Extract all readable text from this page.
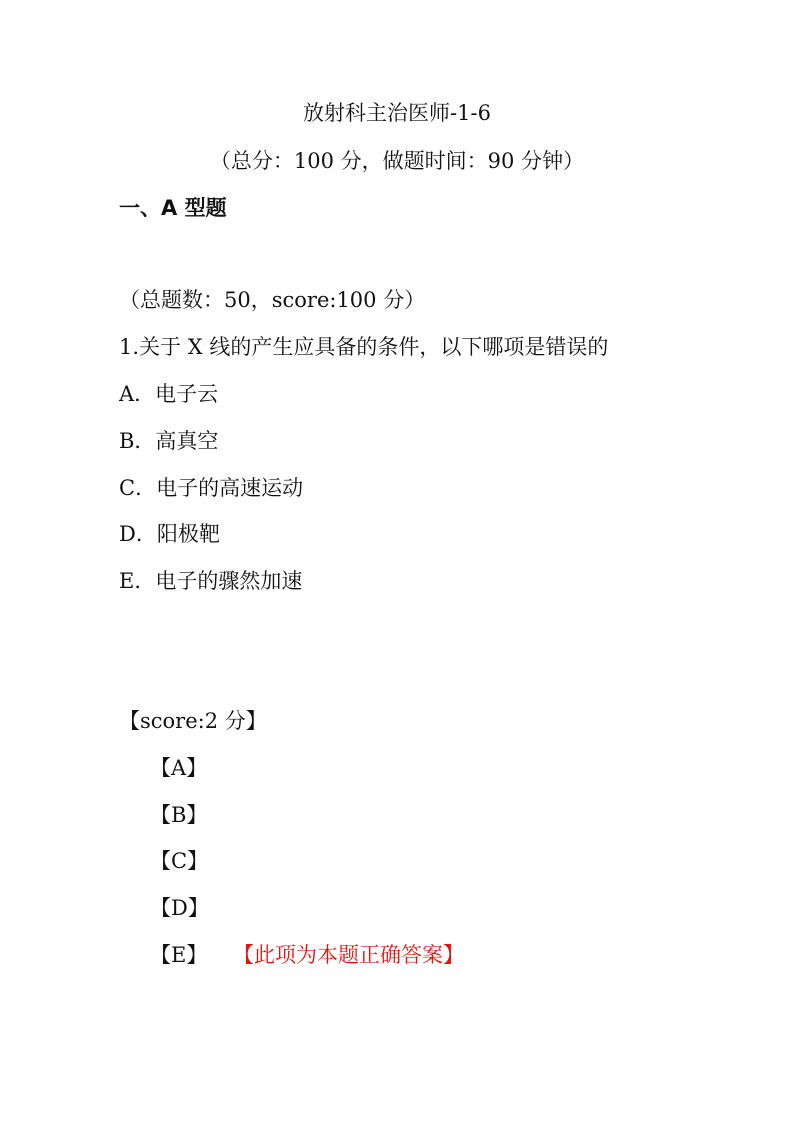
放射科主治医师-1-6
（总分：100 分，做题时间：90 分钟）
一、A 型题
（总题数：50，score:100 分）
1.关于 X 线的产生应具备的条件，以下哪项是错误的
A．电子云
B．高真空
C．电子的高速运动
D．阳极靶
E．电子的骤然加速
【score:2 分】
【A】
【B】
【C】
【D】
【E】 【此项为本题正确答案】
